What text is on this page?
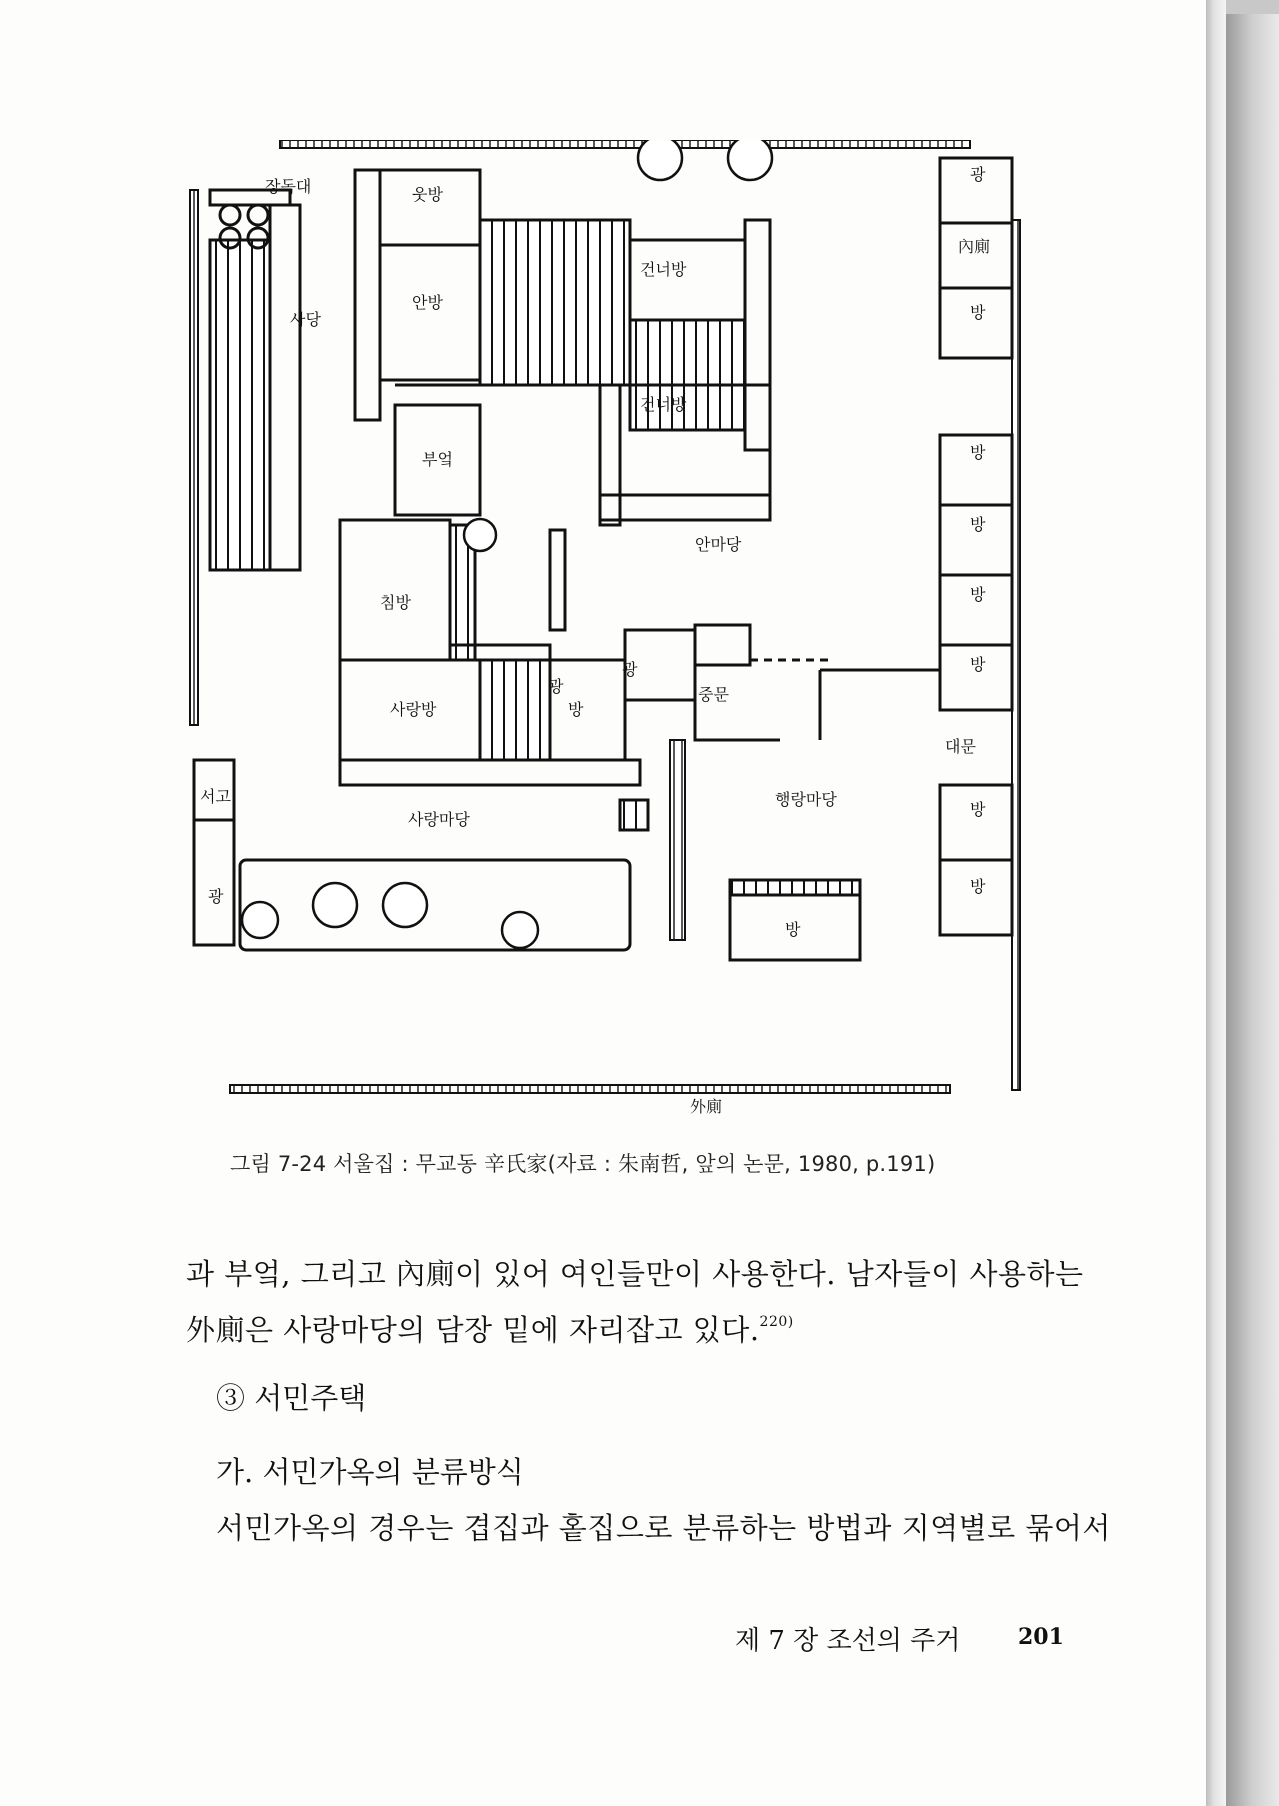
장독대
사당
웃방
안방
건너방
건너방
광
內廁
방
방
방
방
방
부엌
안마당
침방
광
광
사랑방	방
중문
대문
서고
사랑마당
행랑마당
방
방
광
방
外廁
그림 7-24 서울집 : 무교동 辛氏家(자료 : 朱南哲, 앞의 논문, 1980, p.191)
과 부엌, 그리고 內廁이 있어 여인들만이 사용한다. 남자들이 사용하는
外廁은 사랑마당의 담장 밑에 자리잡고 있다.$^{220)}$
③ 서민주택
가. 서민가옥의 분류방식
서민가옥의 경우는 겹집과 홑집으로 분류하는 방법과 지역별로 묶어서
제 7 장 조선의 주거	201
